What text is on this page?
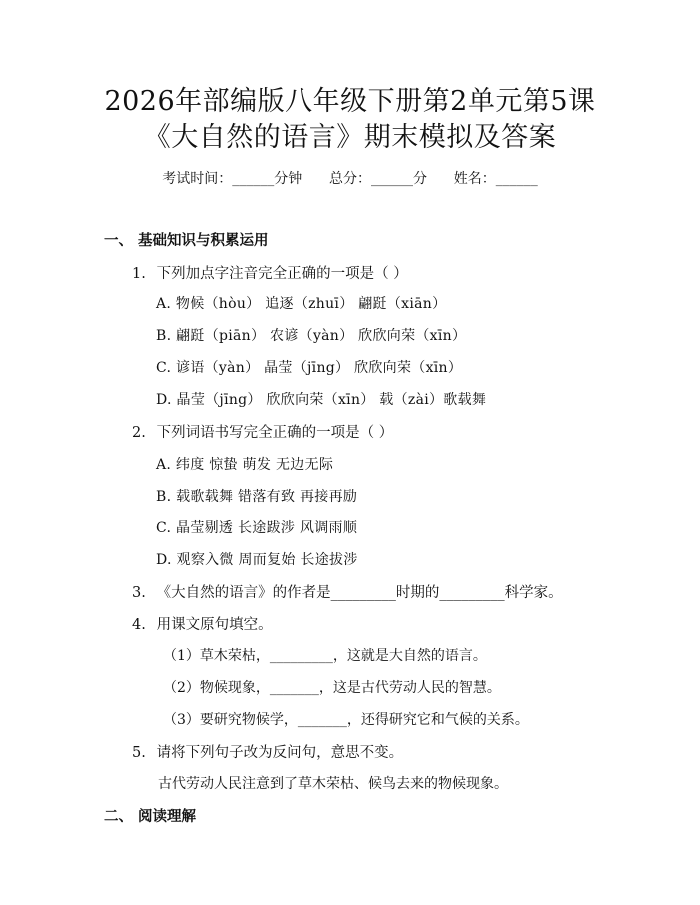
2026年部编版八年级下册第2单元第5课
《大自然的语言》期末模拟及答案
考试时间：______分钟      总分：______分      姓名：______
一、 基础知识与积累运用
1. 下列加点字注音完全正确的一项是（ ）
A. 物候（hòu） 追逐（zhuī） 翩跹（xiān）
B. 翩跹（piān） 农谚（yàn） 欣欣向荣（xīn）
C. 谚语（yàn） 晶莹（jīng） 欣欣向荣（xīn）
D. 晶莹（jīng） 欣欣向荣（xīn） 载（zài）歌载舞
2. 下列词语书写完全正确的一项是（ ）
A. 纬度 惊蛰 萌发 无边无际
B. 载歌载舞 错落有致 再接再励
C. 晶莹剔透 长途跋涉 风调雨顺
D. 观察入微 周而复始 长途拔涉
3. 《大自然的语言》的作者是_________时期的_________科学家。
4. 用课文原句填空。
（1）草木荣枯，_________，这就是大自然的语言。
（2）物候现象，_______，这是古代劳动人民的智慧。
（3）要研究物候学，_______，还得研究它和气候的关系。
5. 请将下列句子改为反问句，意思不变。
古代劳动人民注意到了草木荣枯、候鸟去来的物候现象。
二、 阅读理解
